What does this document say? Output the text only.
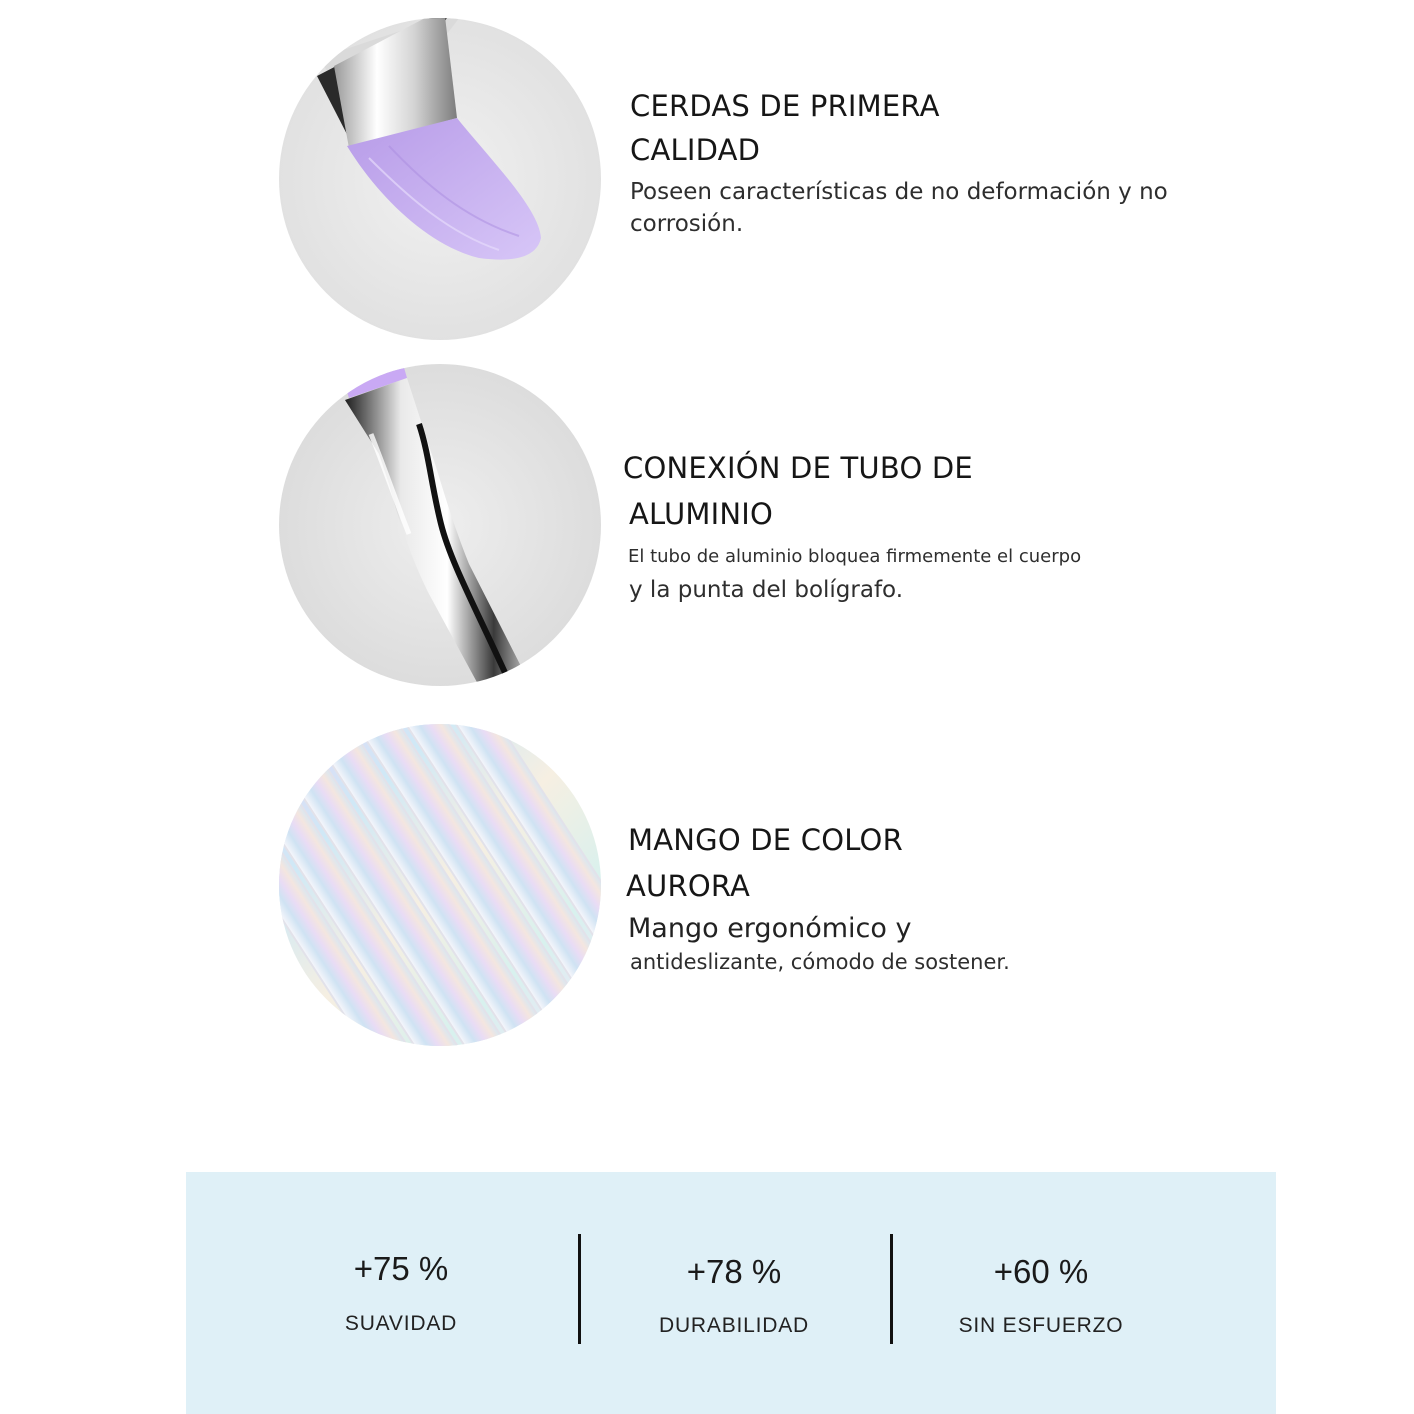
CERDAS DE PRIMERA
CALIDAD
Poseen características de no deformación y no
corrosión.
CONEXIÓN DE TUBO DE
ALUMINIO
El tubo de aluminio bloquea firmemente el cuerpo
y la punta del bolígrafo.
MANGO DE COLOR
AURORA
Mango ergonómico y
antideslizante, cómodo de sostener.
+75 %
SUAVIDAD
+78 %
DURABILIDAD
+60 %
SIN ESFUERZO
